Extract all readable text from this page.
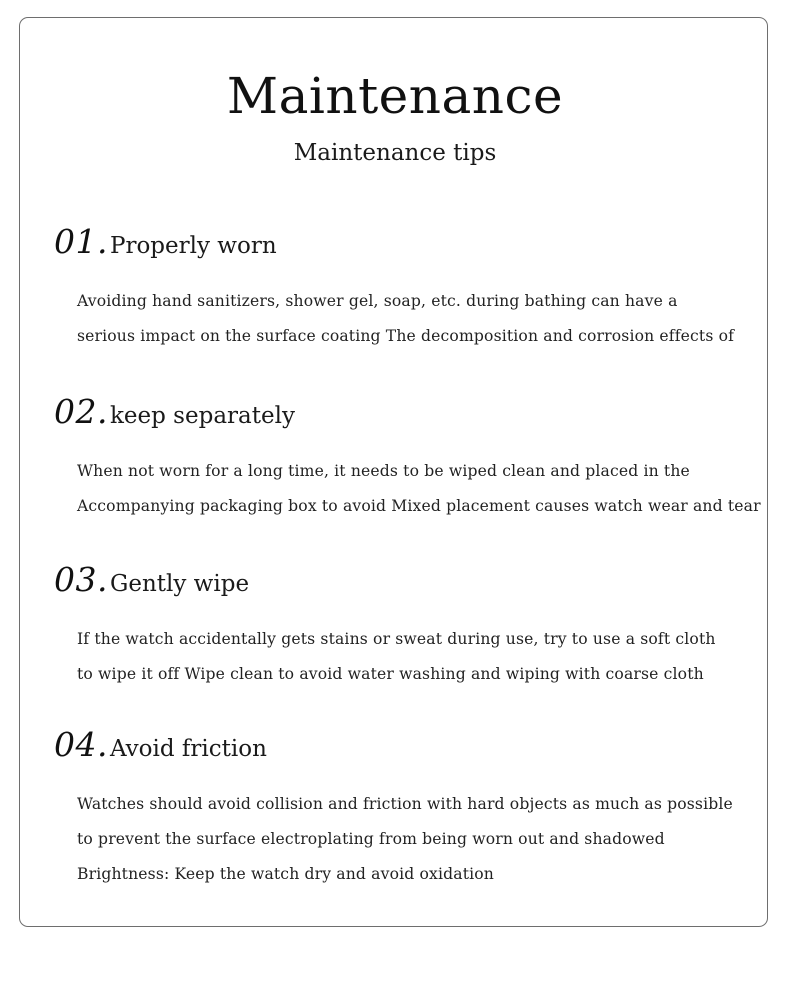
Maintenance
Maintenance tips
01.Properly worn
Avoiding hand sanitizers, shower gel, soap, etc. during bathing can have a
serious impact on the surface coating The decomposition and corrosion effects of
02.keep separately
When not worn for a long time, it needs to be wiped clean and placed in the
Accompanying packaging box to avoid Mixed placement causes watch wear and tear
03.Gently wipe
If the watch accidentally gets stains or sweat during use, try to use a soft cloth
to wipe it off Wipe clean to avoid water washing and wiping with coarse cloth
04.Avoid friction
Watches should avoid collision and friction with hard objects as much as possible
to prevent the surface electroplating from being worn out and shadowed
Brightness: Keep the watch dry and avoid oxidation
